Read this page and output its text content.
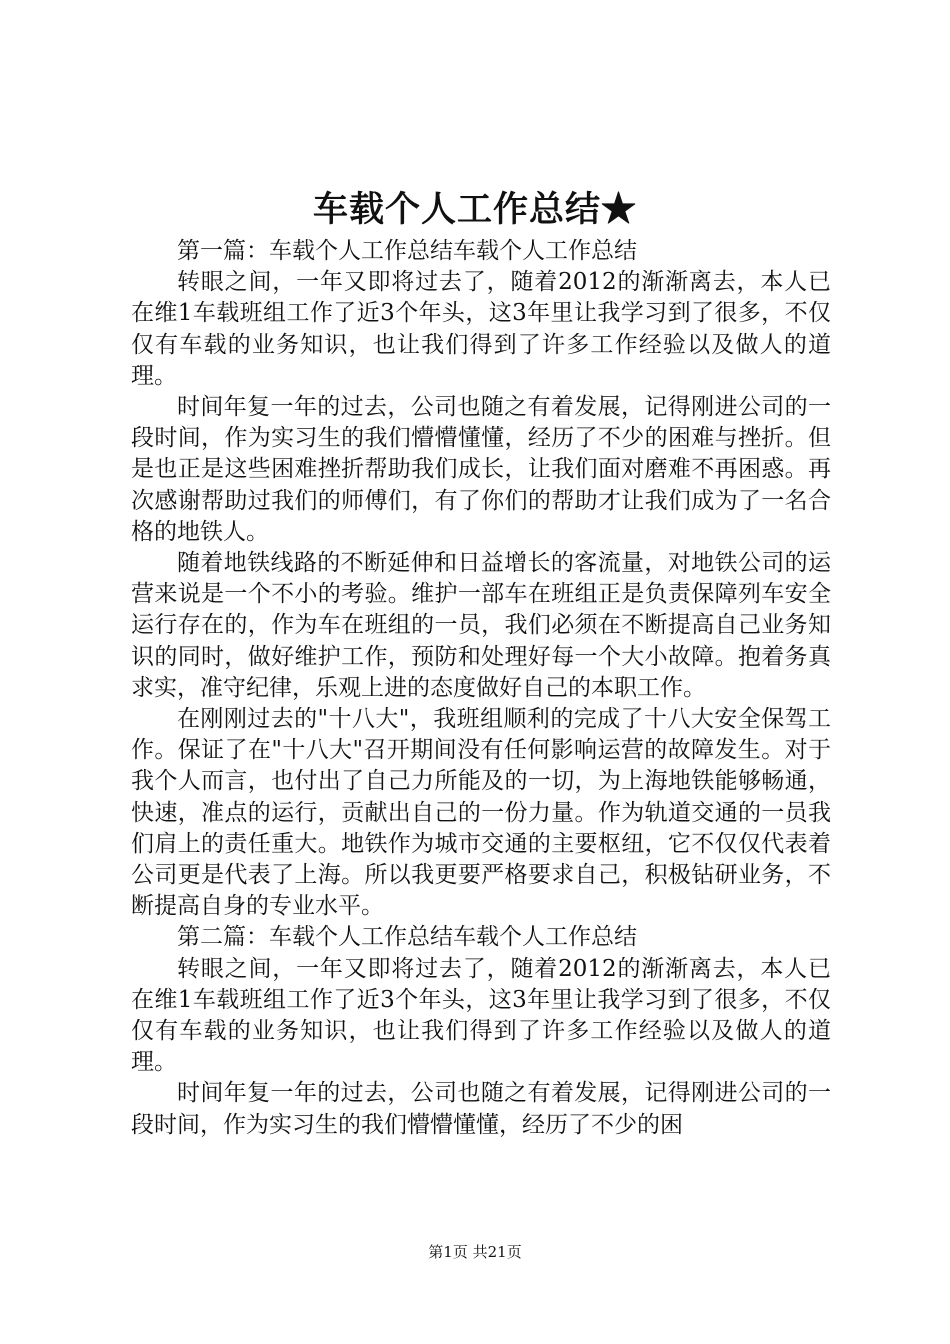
车载个人工作总结★

第一篇：车载个人工作总结车载个人工作总结

转眼之间，一年又即将过去了，随着2012的渐渐离去，本人已在维1车载班组工作了近3个年头，这3年里让我学习到了很多，不仅仅有车载的业务知识，也让我们得到了许多工作经验以及做人的道理。

时间年复一年的过去，公司也随之有着发展，记得刚进公司的一段时间，作为实习生的我们懵懵懂懂，经历了不少的困难与挫折。但是也正是这些困难挫折帮助我们成长，让我们面对磨难不再困惑。再次感谢帮助过我们的师傅们，有了你们的帮助才让我们成为了一名合格的地铁人。

随着地铁线路的不断延伸和日益增长的客流量，对地铁公司的运营来说是一个不小的考验。维护一部车在班组正是负责保障列车安全运行存在的，作为车在班组的一员，我们必须在不断提高自己业务知识的同时，做好维护工作，预防和处理好每一个大小故障。抱着务真求实，准守纪律，乐观上进的态度做好自己的本职工作。

在刚刚过去的"十八大"，我班组顺利的完成了十八大安全保驾工作。保证了在"十八大"召开期间没有任何影响运营的故障发生。对于我个人而言，也付出了自己力所能及的一切，为上海地铁能够畅通，快速，准点的运行，贡献出自己的一份力量。作为轨道交通的一员我们肩上的责任重大。地铁作为城市交通的主要枢纽，它不仅仅代表着公司更是代表了上海。所以我更要严格要求自己，积极钻研业务，不断提高自身的专业水平。

第二篇：车载个人工作总结车载个人工作总结

转眼之间，一年又即将过去了，随着2012的渐渐离去，本人已在维1车载班组工作了近3个年头，这3年里让我学习到了很多，不仅仅有车载的业务知识，也让我们得到了许多工作经验以及做人的道理。

时间年复一年的过去，公司也随之有着发展，记得刚进公司的一段时间，作为实习生的我们懵懵懂懂，经历了不少的困

第1页 共21页
